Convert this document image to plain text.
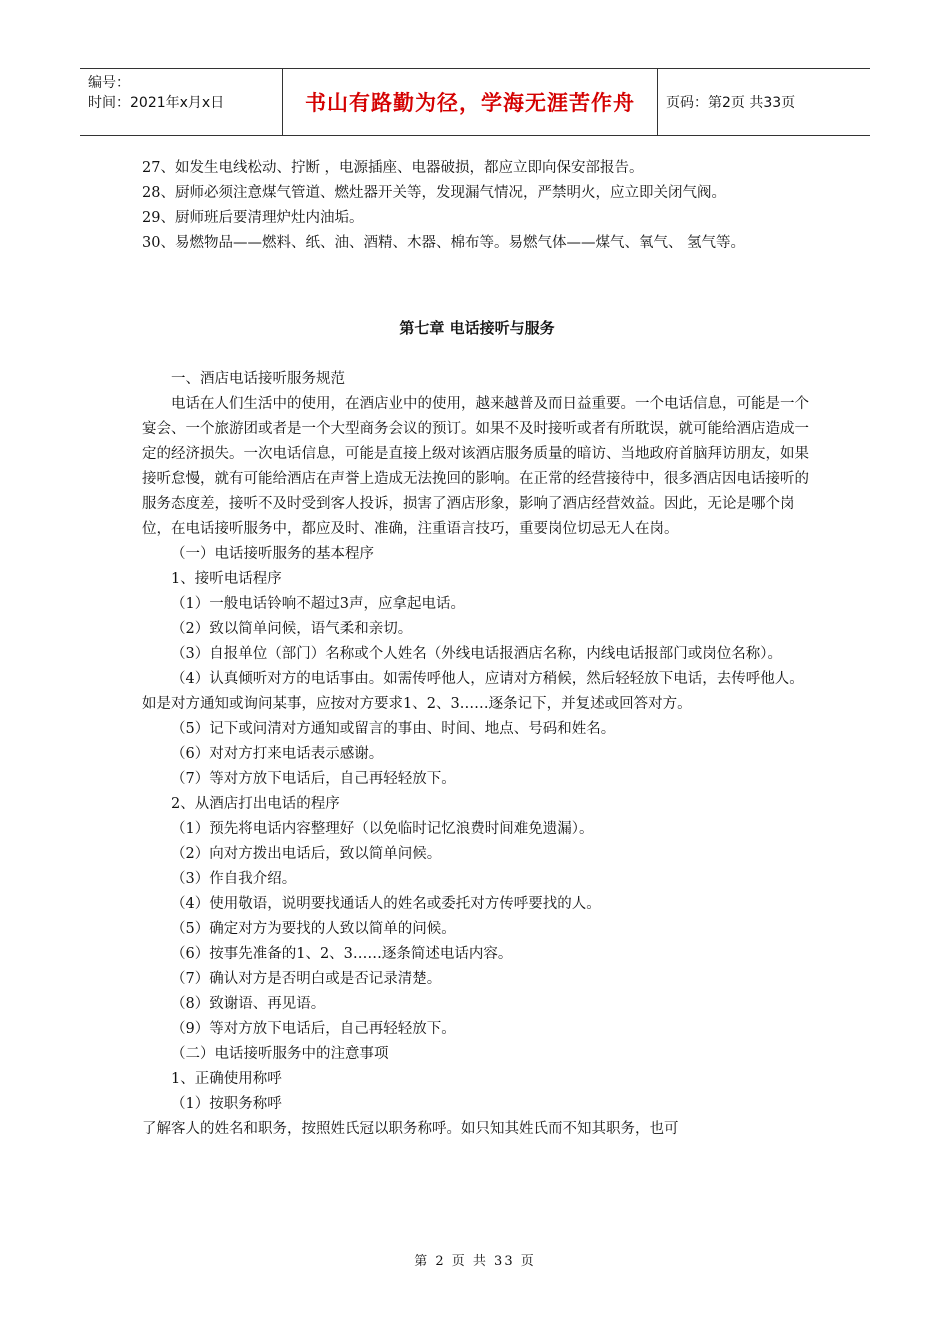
编号：
时间：2021年x月x日	书山有路勤为径，学海无涯苦作舟	页码：第2页 共33页

27、如发生电线松动、拧断 ，电源插座、电器破损，都应立即向保安部报告。

28、厨师必须注意煤气管道、燃灶器开关等，发现漏气情况，严禁明火，应立即关闭气阀。

29、厨师班后要清理炉灶内油垢。

30、易燃物品——燃料、纸、油、酒精、木器、棉布等。易燃气体——煤气、氧气、 氢气等。

第七章 电话接听与服务

一、酒店电话接听服务规范

电话在人们生活中的使用，在酒店业中的使用，越来越普及而日益重要。一个电话信息，可能是一个宴会、一个旅游团或者是一个大型商务会议的预订。如果不及时接听或者有所耽误，就可能给酒店造成一定的经济损失。一次电话信息，可能是直接上级对该酒店服务质量的暗访、当地政府首脑拜访朋友，如果接听怠慢，就有可能给酒店在声誉上造成无法挽回的影响。在正常的经营接待中，很多酒店因电话接听的服务态度差，接听不及时受到客人投诉，损害了酒店形象，影响了酒店经营效益。因此，无论是哪个岗位，在电话接听服务中，都应及时、准确，注重语言技巧，重要岗位切忌无人在岗。

（一）电话接听服务的基本程序

1、接听电话程序

（1）一般电话铃响不超过3声，应拿起电话。

（2）致以简单问候，语气柔和亲切。

（3）自报单位（部门）名称或个人姓名（外线电话报酒店名称，内线电话报部门或岗位名称）。

（4）认真倾听对方的电话事由。如需传呼他人，应请对方稍候，然后轻轻放下电话，去传呼他人。如是对方通知或询问某事，应按对方要求1、2、3……逐条记下，并复述或回答对方。

（5）记下或问清对方通知或留言的事由、时间、地点、号码和姓名。

（6）对对方打来电话表示感谢。

（7）等对方放下电话后，自己再轻轻放下。

2、从酒店打出电话的程序

（1）预先将电话内容整理好（以免临时记忆浪费时间难免遗漏）。

（2）向对方拨出电话后，致以简单问候。

（3）作自我介绍。

（4）使用敬语，说明要找通话人的姓名或委托对方传呼要找的人。

（5）确定对方为要找的人致以简单的问候。

（6）按事先准备的1、2、3……逐条简述电话内容。

（7）确认对方是否明白或是否记录清楚。

（8）致谢语、再见语。

（9）等对方放下电话后，自己再轻轻放下。

（二）电话接听服务中的注意事项

1、正确使用称呼

（1）按职务称呼

了解客人的姓名和职务，按照姓氏冠以职务称呼。如只知其姓氏而不知其职务，也可

第 2 页 共 33 页
